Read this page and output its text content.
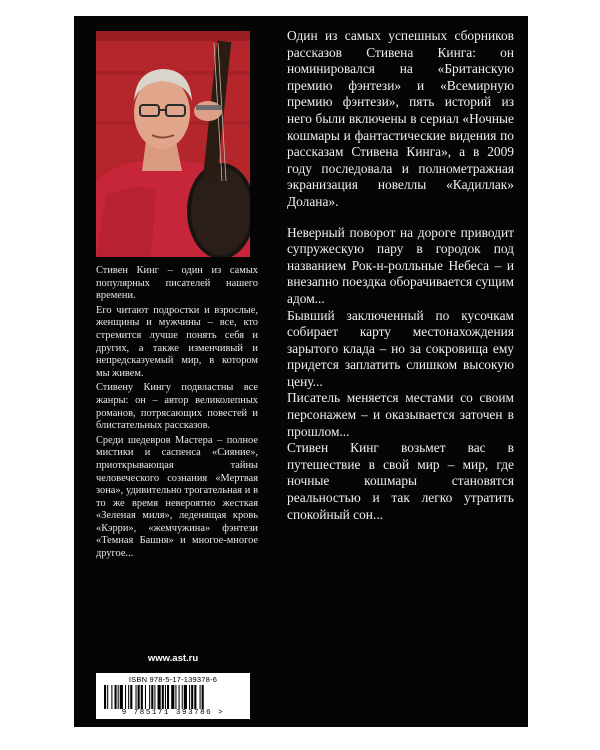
Стивен Кинг – один из самых популярных писателей нашего времени.

Его читают подростки и взрослые, женщины и мужчины – все, кто стремится лучше понять себя и других, а также изменчивый и непредсказуемый мир, в котором мы живем.

Стивену Кингу подвластны все жанры: он – автор великолепных романов, потрясающих повестей и блистательных рассказов.

Среди шедевров Мастера – полное мистики и саспенса «Сияние», приоткрывающая тайны человеческого сознания «Мертвая зона», удивительно трогательная и в то же время невероятно жесткая «Зеленая миля», леденящая кровь «Кэрри», «жемчужина» фэнтези «Темная Башня» и многое-многое другое...

Один из самых успешных сборников рассказов Стивена Кинга: он номинировался на «Британскую премию фэнтези» и «Всемирную премию фэнтези», пять историй из него были включены в сериал «Ночные кошмары и фантастические видения по рассказам Стивена Кинга», а в 2009 году последовала и полнометражная экранизация новеллы «Кадиллак» Долана».

Неверный поворот на дороге приводит супружескую пару в городок под названием Рок-н-ролльные Небеса – и внезапно поездка оборачивается сущим адом...

Бывший заключенный по кусочкам собирает карту местонахождения зарытого клада – но за сокровища ему придется заплатить слишком высокую цену...

Писатель меняется местами со своим персонажем – и оказывается заточен в прошлом...

Стивен Кинг возьмет вас в путешествие в свой мир – мир, где ночные кошмары становятся реальностью и так легко утратить спокойный сон...

www.ast.ru
ISBN 978-5-17-139378-6
9 785171 393786 >
